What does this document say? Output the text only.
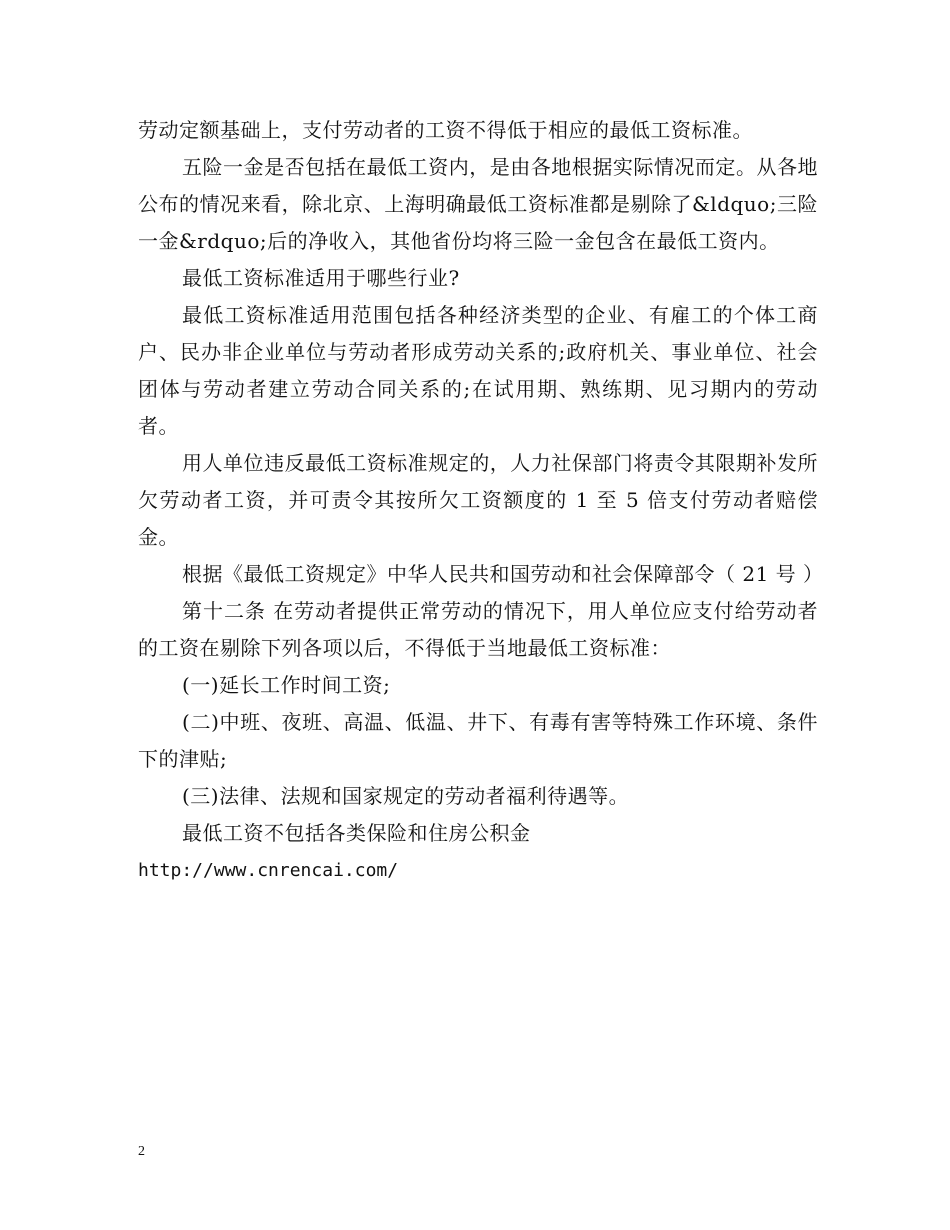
劳动定额基础上，支付劳动者的工资不得低于相应的最低工资标准。

五险一金是否包括在最低工资内，是由各地根据实际情况而定。从各地公布的情况来看，除北京、上海明确最低工资标准都是剔除了&ldquo;三险一金&rdquo;后的净收入，其他省份均将三险一金包含在最低工资内。

最低工资标准适用于哪些行业?

最低工资标准适用范围包括各种经济类型的企业、有雇工的个体工商户、民办非企业单位与劳动者形成劳动关系的;政府机关、事业单位、社会团体与劳动者建立劳动合同关系的;在试用期、熟练期、见习期内的劳动者。

用人单位违反最低工资标准规定的，人力社保部门将责令其限期补发所欠劳动者工资，并可责令其按所欠工资额度的 1 至 5 倍支付劳动者赔偿金。

根据《最低工资规定》中华人民共和国劳动和社会保障部令（ 21 号 ）

第十二条 在劳动者提供正常劳动的情况下，用人单位应支付给劳动者的工资在剔除下列各项以后，不得低于当地最低工资标准：

(一)延长工作时间工资;

(二)中班、夜班、高温、低温、井下、有毒有害等特殊工作环境、条件下的津贴;

(三)法律、法规和国家规定的劳动者福利待遇等。

最低工资不包括各类保险和住房公积金

http://www.cnrencai.com/

2
